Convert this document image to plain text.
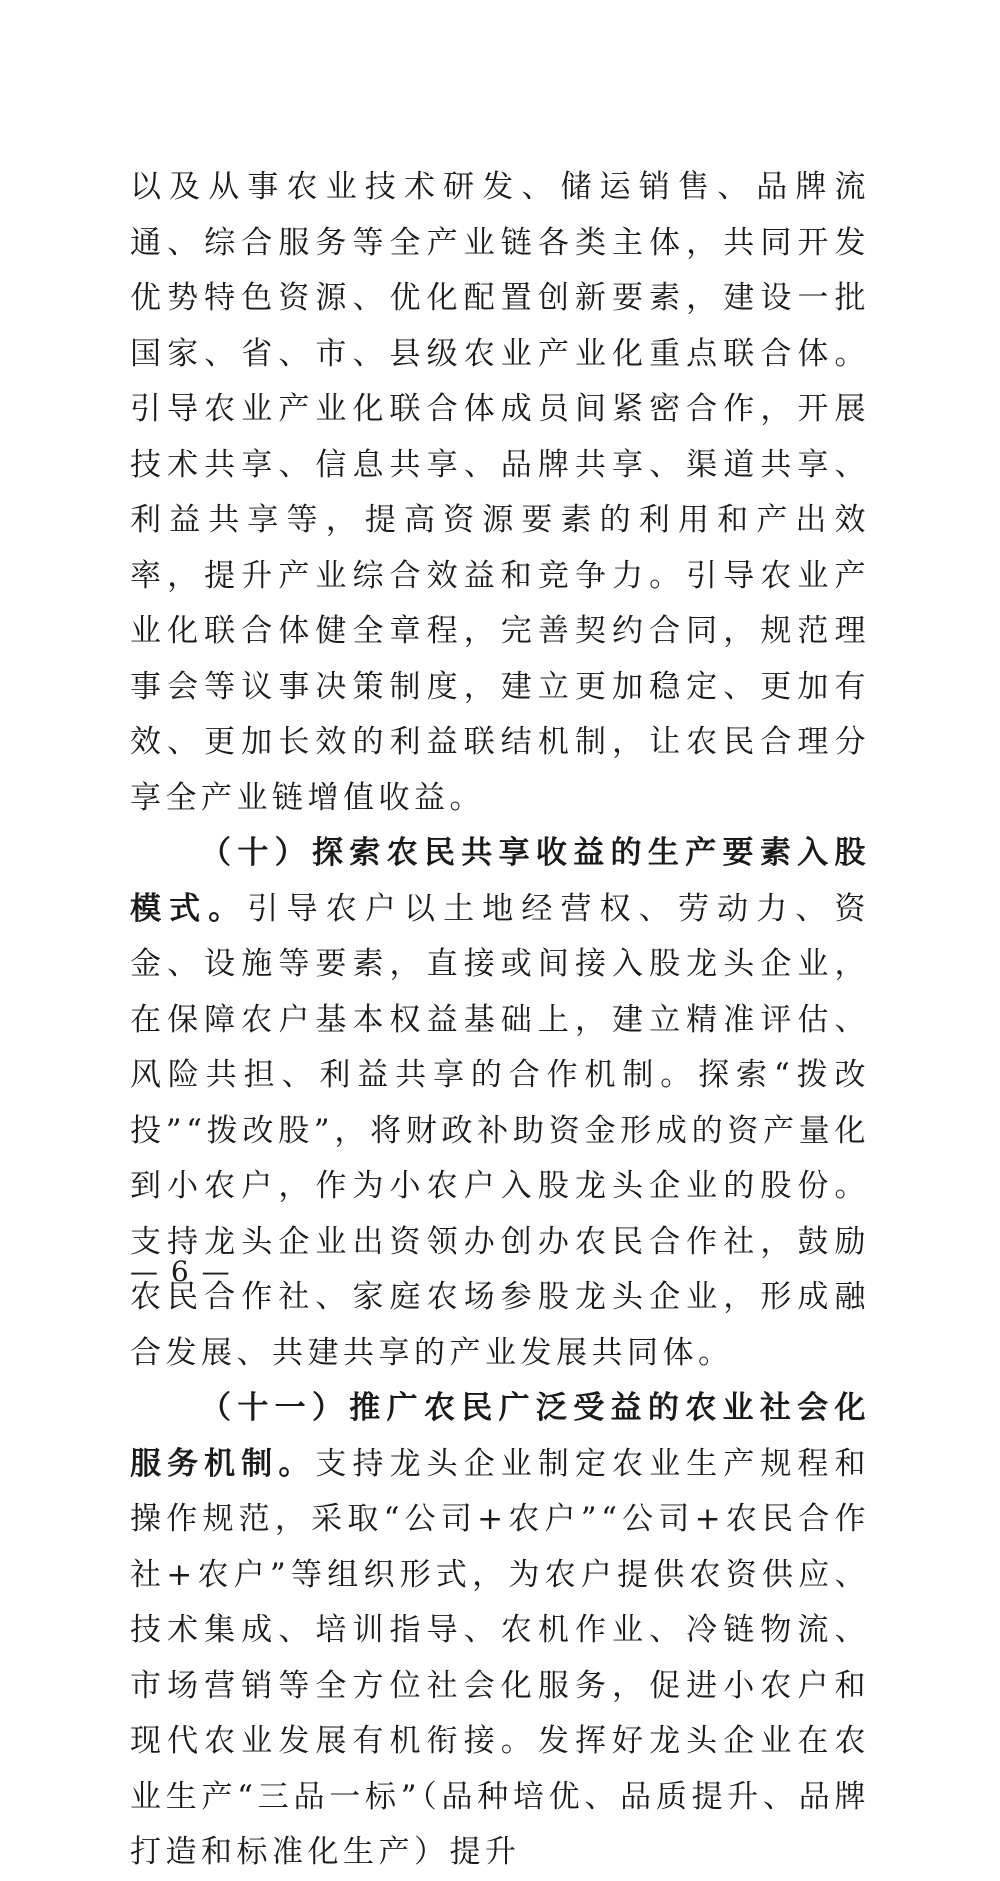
以及从事农业技术研发、储运销售、品牌流通、综合服务等全产业链各类主体，共同开发优势特色资源、优化配置创新要素，建设一批国家、省、市、县级农业产业化重点联合体。引导农业产业化联合体成员间紧密合作，开展技术共享、信息共享、品牌共享、渠道共享、利益共享等，提高资源要素的利用和产出效率，提升产业综合效益和竞争力。引导农业产业化联合体健全章程，完善契约合同，规范理事会等议事决策制度，建立更加稳定、更加有效、更加长效的利益联结机制，让农民合理分享全产业链增值收益。

（十）探索农民共享收益的生产要素入股模式。引导农户以土地经营权、劳动力、资金、设施等要素，直接或间接入股龙头企业，在保障农户基本权益基础上，建立精准评估、风险共担、利益共享的合作机制。探索“拨改投”“拨改股”，将财政补助资金形成的资产量化到小农户，作为小农户入股龙头企业的股份。支持龙头企业出资领办创办农民合作社，鼓励农民合作社、家庭农场参股龙头企业，形成融合发展、共建共享的产业发展共同体。

（十一）推广农民广泛受益的农业社会化服务机制。支持龙头企业制定农业生产规程和操作规范，采取“公司+农户”“公司+农民合作社+农户”等组织形式，为农户提供农资供应、技术集成、培训指导、农机作业、冷链物流、市场营销等全方位社会化服务，促进小农户和现代农业发展有机衔接。发挥好龙头企业在农业生产“三品一标”（品种培优、品质提升、品牌打造和标准化生产）提升

— 6 —
